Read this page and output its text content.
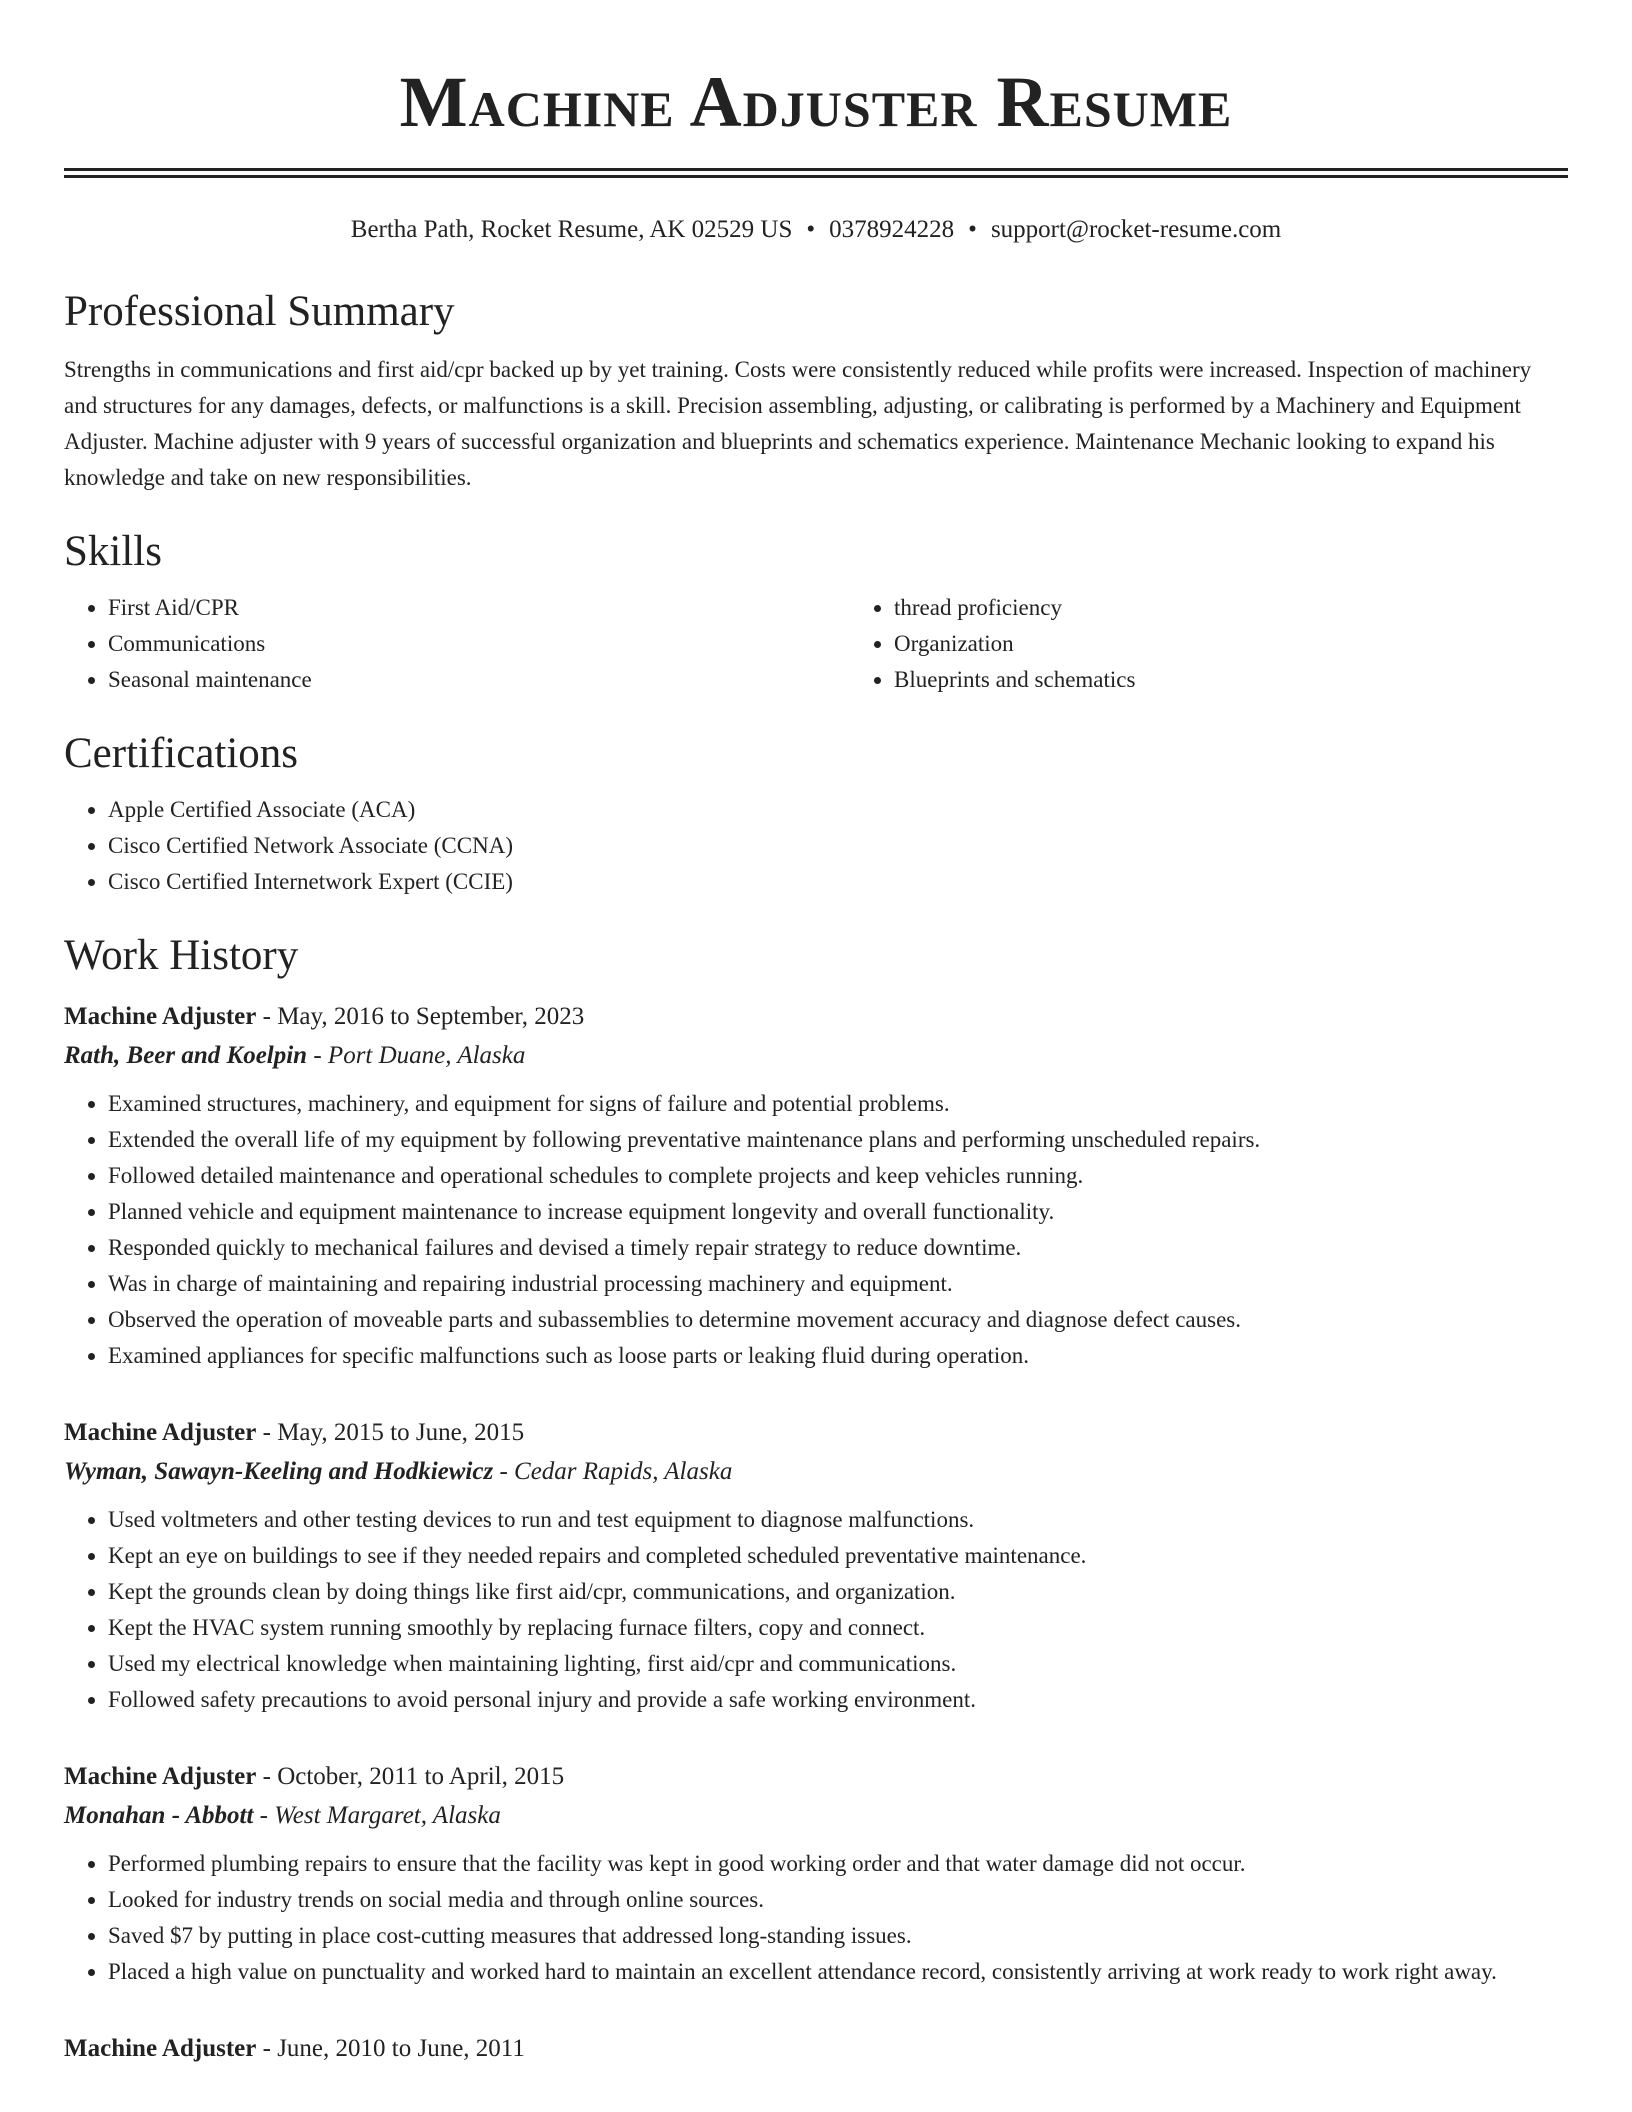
Machine Adjuster Resume
Bertha Path, Rocket Resume, AK 02529 US • 0378924228 • support@rocket-resume.com
Professional Summary

Strengths in communications and first aid/cpr backed up by yet training. Costs were consistently reduced while profits were increased. Inspection of machinery and structures for any damages, defects, or malfunctions is a skill. Precision assembling, adjusting, or calibrating is performed by a Machinery and Equipment Adjuster. Machine adjuster with 9 years of successful organization and blueprints and schematics experience. Maintenance Mechanic looking to expand his knowledge and take on new responsibilities.

Skills
• First Aid/CPR
• Communications
• Seasonal maintenance
• thread proficiency
• Organization
• Blueprints and schematics
Certifications
• Apple Certified Associate (ACA)
• Cisco Certified Network Associate (CCNA)
• Cisco Certified Internetwork Expert (CCIE)
Work History
Machine Adjuster - May, 2016 to September, 2023
Rath, Beer and Koelpin - Port Duane, Alaska
• Examined structures, machinery, and equipment for signs of failure and potential problems.
• Extended the overall life of my equipment by following preventative maintenance plans and performing unscheduled repairs.
• Followed detailed maintenance and operational schedules to complete projects and keep vehicles running.
• Planned vehicle and equipment maintenance to increase equipment longevity and overall functionality.
• Responded quickly to mechanical failures and devised a timely repair strategy to reduce downtime.
• Was in charge of maintaining and repairing industrial processing machinery and equipment.
• Observed the operation of moveable parts and subassemblies to determine movement accuracy and diagnose defect causes.
• Examined appliances for specific malfunctions such as loose parts or leaking fluid during operation.
Machine Adjuster - May, 2015 to June, 2015
Wyman, Sawayn-Keeling and Hodkiewicz - Cedar Rapids, Alaska
• Used voltmeters and other testing devices to run and test equipment to diagnose malfunctions.
• Kept an eye on buildings to see if they needed repairs and completed scheduled preventative maintenance.
• Kept the grounds clean by doing things like first aid/cpr, communications, and organization.
• Kept the HVAC system running smoothly by replacing furnace filters, copy and connect.
• Used my electrical knowledge when maintaining lighting, first aid/cpr and communications.
• Followed safety precautions to avoid personal injury and provide a safe working environment.
Machine Adjuster - October, 2011 to April, 2015
Monahan - Abbott - West Margaret, Alaska
• Performed plumbing repairs to ensure that the facility was kept in good working order and that water damage did not occur.
• Looked for industry trends on social media and through online sources.
• Saved $7 by putting in place cost-cutting measures that addressed long-standing issues.
• Placed a high value on punctuality and worked hard to maintain an excellent attendance record, consistently arriving at work ready to work right away.
Machine Adjuster - June, 2010 to June, 2011
